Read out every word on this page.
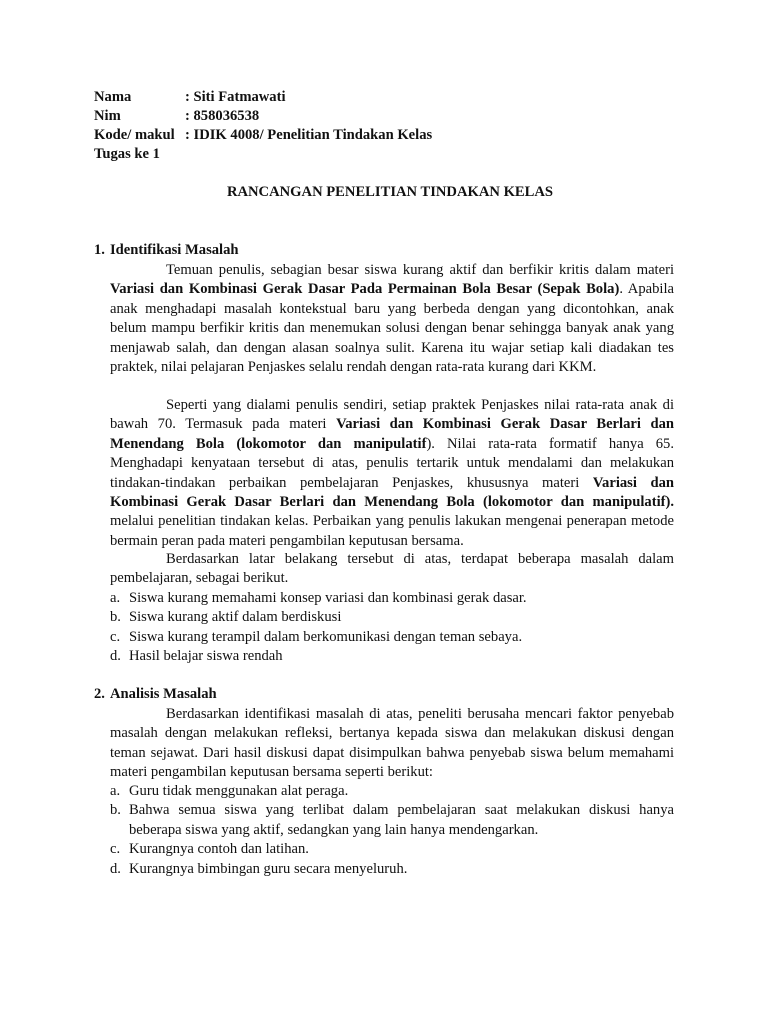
Nama	: Siti Fatmawati
Nim	: 858036538
Kode/ makul : IDIK 4008/ Penelitian Tindakan Kelas
Tugas ke 1
RANCANGAN PENELITIAN TINDAKAN KELAS
1. Identifikasi Masalah

Temuan penulis, sebagian besar siswa kurang aktif dan berfikir kritis dalam materi Variasi dan Kombinasi Gerak Dasar Pada Permainan Bola Besar (Sepak Bola). Apabila anak menghadapi masalah kontekstual baru yang berbeda dengan yang dicontohkan, anak belum mampu berfikir kritis dan menemukan solusi dengan benar sehingga banyak anak yang menjawab salah, dan dengan alasan soalnya sulit. Karena itu wajar setiap kali diadakan tes praktek, nilai pelajaran Penjaskes selalu rendah dengan rata-rata kurang dari KKM.

Seperti yang dialami penulis sendiri, setiap praktek Penjaskes nilai rata-rata anak di bawah 70. Termasuk pada materi Variasi dan Kombinasi Gerak Dasar Berlari dan Menendang Bola (lokomotor dan manipulatif). Nilai rata-rata formatif hanya 65. Menghadapi kenyataan tersebut di atas, penulis tertarik untuk mendalami dan melakukan tindakan-tindakan perbaikan pembelajaran Penjaskes, khususnya materi Variasi dan Kombinasi Gerak Dasar Berlari dan Menendang Bola (lokomotor dan manipulatif). melalui penelitian tindakan kelas. Perbaikan yang penulis lakukan mengenai penerapan metode bermain peran pada materi pengambilan keputusan bersama.

Berdasarkan latar belakang tersebut di atas, terdapat beberapa masalah dalam pembelajaran, sebagai berikut.

a. Siswa kurang memahami konsep variasi dan kombinasi gerak dasar.
b. Siswa kurang aktif dalam berdiskusi
c. Siswa kurang terampil dalam berkomunikasi dengan teman sebaya.
d. Hasil belajar siswa rendah
2. Analisis Masalah

Berdasarkan identifikasi masalah di atas, peneliti berusaha mencari faktor penyebab masalah dengan melakukan refleksi, bertanya kepada siswa dan melakukan diskusi dengan teman sejawat. Dari hasil diskusi dapat disimpulkan bahwa penyebab siswa belum memahami materi pengambilan keputusan bersama seperti berikut:

a. Guru tidak menggunakan alat peraga.
b. Bahwa semua siswa yang terlibat dalam pembelajaran saat melakukan diskusi hanya beberapa siswa yang aktif, sedangkan yang lain hanya mendengarkan.
c. Kurangnya contoh dan latihan.
d. Kurangnya bimbingan guru secara menyeluruh.
